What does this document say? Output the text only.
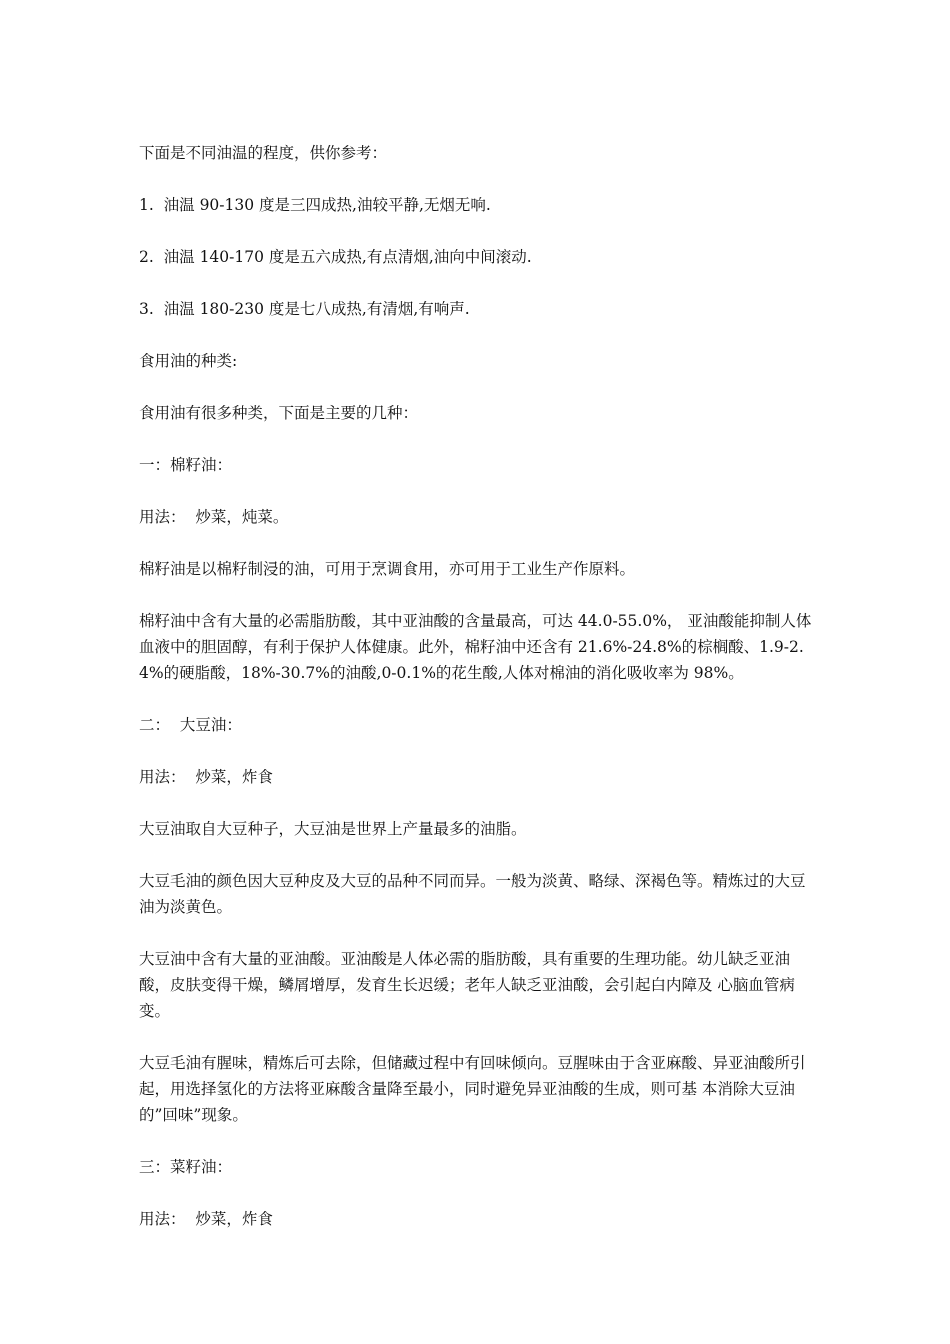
下面是不同油温的程度，供你参考：

1.  油温 90-130 度是三四成热,油较平静,无烟无响.

2.  油温 140-170 度是五六成热,有点清烟,油向中间滚动.

3.  油温 180-230 度是七八成热,有清烟,有响声.

食用油的种类:

食用油有很多种类，下面是主要的几种：

一：棉籽油：

用法：  炒菜，炖菜。

棉籽油是以棉籽制浸的油，可用于烹调食用，亦可用于工业生产作原料。

棉籽油中含有大量的必需脂肪酸，其中亚油酸的含量最高，可达 44.0-55.0%， 亚油酸能抑制人体血液中的胆固醇，有利于保护人体健康。此外，棉籽油中还含有 21.6%-24.8%的棕榈酸、1.9-2.4%的硬脂酸，18%-30.7%的油酸,0-0.1%的花生酸,人体对棉油的消化吸收率为 98%。

二：  大豆油：

用法：  炒菜，炸食

大豆油取自大豆种子，大豆油是世界上产量最多的油脂。

大豆毛油的颜色因大豆种皮及大豆的品种不同而异。一般为淡黄、略绿、深褐色等。精炼过的大豆油为淡黄色。

大豆油中含有大量的亚油酸。亚油酸是人体必需的脂肪酸，具有重要的生理功能。幼儿缺乏亚油酸，皮肤变得干燥，鳞屑增厚，发育生长迟缓；老年人缺乏亚油酸，会引起白内障及 心脑血管病变。

大豆毛油有腥味，精炼后可去除，但储藏过程中有回味倾向。豆腥味由于含亚麻酸、异亚油酸所引起，用选择氢化的方法将亚麻酸含量降至最小，同时避免异亚油酸的生成，则可基 本消除大豆油的”回味”现象。

三：菜籽油：

用法：  炒菜，炸食
